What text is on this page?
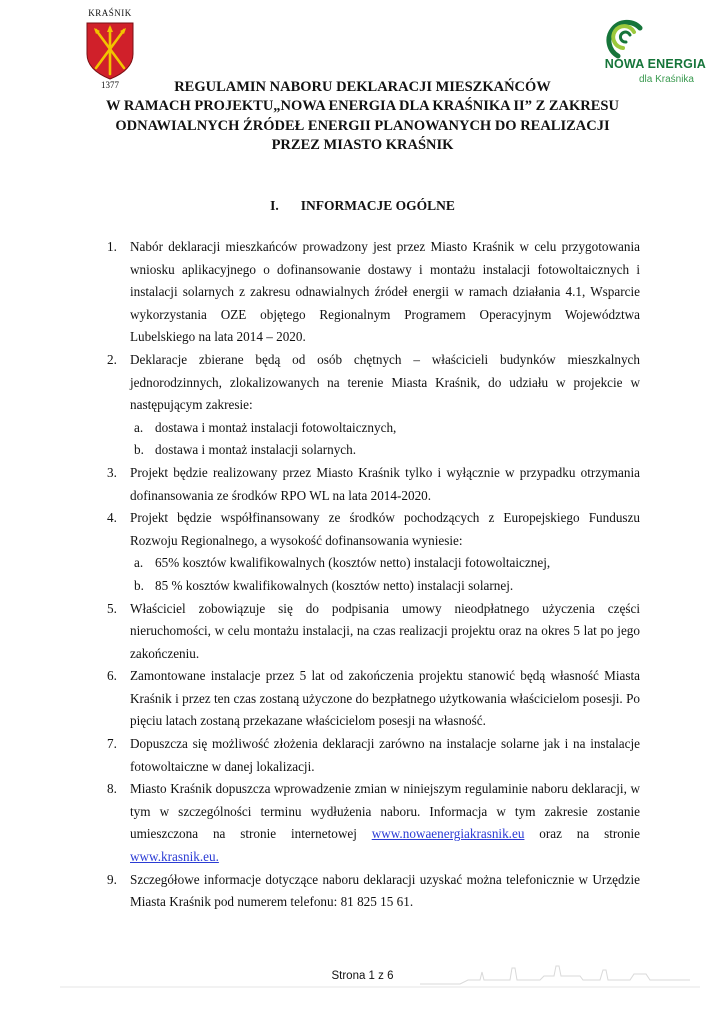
KRAŚNIK
1377
NOWA ENERGIA
dla Kraśnika
REGULAMIN NABORU DEKLARACJI MIESZKAŃCÓW
W RAMACH PROJEKTU„NOWA ENERGIA DLA KRAŚNIKA II” Z ZAKRESU
ODNAWIALNYCH ŹRÓDEŁ ENERGII PLANOWANYCH DO REALIZACJI
PRZEZ MIASTO KRAŚNIK
I. INFORMACJE OGÓLNE
1. Nabór deklaracji mieszkańców prowadzony jest przez Miasto Kraśnik w celu przygotowania wniosku aplikacyjnego o dofinansowanie dostawy i montażu instalacji fotowoltaicznych i instalacji solarnych z zakresu odnawialnych źródeł energii w ramach działania 4.1, Wsparcie wykorzystania OZE objętego Regionalnym Programem Operacyjnym Województwa Lubelskiego na lata 2014 – 2020.
2. Deklaracje zbierane będą od osób chętnych – właścicieli budynków mieszkalnych jednorodzinnych, zlokalizowanych na terenie Miasta Kraśnik, do udziału w projekcie w następującym zakresie:
a. dostawa i montaż instalacji fotowoltaicznych,
b. dostawa i montaż instalacji solarnych.
3. Projekt będzie realizowany przez Miasto Kraśnik tylko i wyłącznie w przypadku otrzymania dofinansowania ze środków RPO WL na lata 2014-2020.
4. Projekt będzie współfinansowany ze środków pochodzących z Europejskiego Funduszu Rozwoju Regionalnego, a wysokość dofinansowania wyniesie:
a. 65% kosztów kwalifikowalnych (kosztów netto) instalacji fotowoltaicznej,
b. 85 % kosztów kwalifikowalnych (kosztów netto) instalacji solarnej.
5. Właściciel zobowiązuje się do podpisania umowy nieodpłatnego użyczenia części nieruchomości, w celu montażu instalacji, na czas realizacji projektu oraz na okres 5 lat po jego zakończeniu.
6. Zamontowane instalacje przez 5 lat od zakończenia projektu stanowić będą własność Miasta Kraśnik i przez ten czas zostaną użyczone do bezpłatnego użytkowania właścicielom posesji. Po pięciu latach zostaną przekazane właścicielom posesji na własność.
7. Dopuszcza się możliwość złożenia deklaracji zarówno na instalacje solarne jak i na instalacje fotowoltaiczne w danej lokalizacji.
8. Miasto Kraśnik dopuszcza wprowadzenie zmian w niniejszym regulaminie naboru deklaracji, w tym w szczególności terminu wydłużenia naboru. Informacja w tym zakresie zostanie umieszczona na stronie internetowej www.nowaenergiakrasnik.eu oraz na stronie www.krasnik.eu.
9. Szczegółowe informacje dotyczące naboru deklaracji uzyskać można telefonicznie w Urzędzie Miasta Kraśnik pod numerem telefonu: 81 825 15 61.
Strona 1 z 6
